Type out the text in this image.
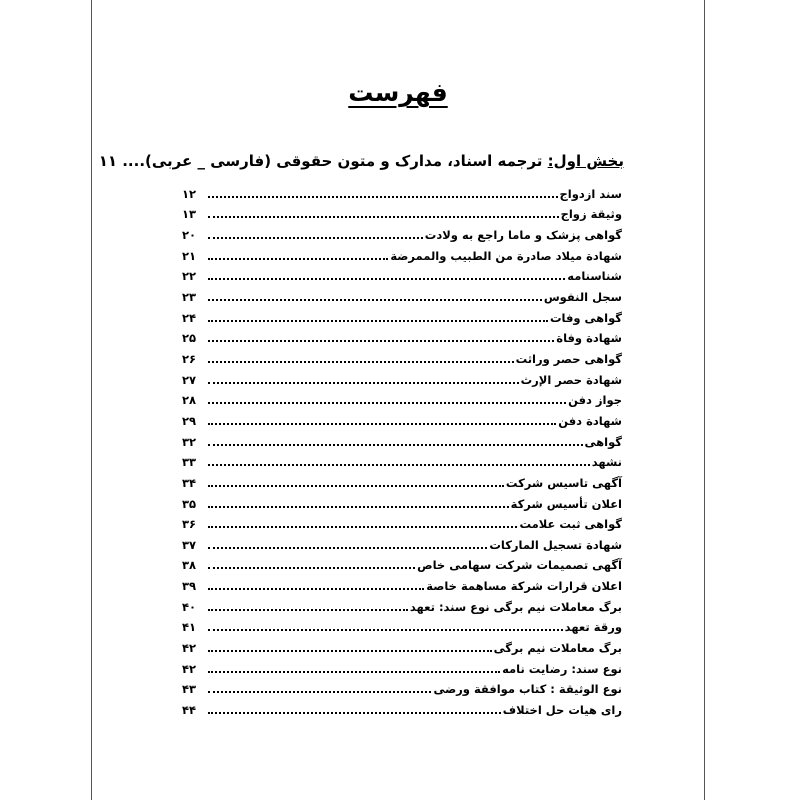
فهرست
بخش اول: ترجمه اسناد، مدارک و متون حقوقی (فارسی _ عربی).... ۱۱
سند ازدواج
۱۲
وثیقة زواج
۱۳
گواهی پزشک و ماما راجع به ولادت
۲۰
شهادة میلاد صادرة من الطبیب والممرضة
۲۱
شناسنامه
۲۲
سجل النفوس
۲۳
گواهی وفات
۲۴
شهادة وفاة
۲۵
گواهی حصر وراثت
۲۶
شهادة حصر الإرث
۲۷
جواز دفن
۲۸
شهادة دفن
۲۹
گواهی
۳۲
نشهد
۳۳
آگهی تاسیس شرکت
۳۴
اعلان تأسیس شرکة
۳۵
گواهی ثبت علامت
۳۶
شهادة تسجیل الماركات
۳۷
آگهی تصمیمات شرکت سهامی خاص
۳۸
اعلان قرارات شرکة مساهمة خاصة
۳۹
برگ معاملات نیم برگی نوع سند: تعهد
۴۰
ورقة تعهد
۴۱
برگ معاملات نیم برگی
۴۲
نوع سند: رضایت نامه
۴۲
نوع الوثیقة : كتاب موافقة ورضى
۴۳
رای هیات حل اختلاف
۴۴
